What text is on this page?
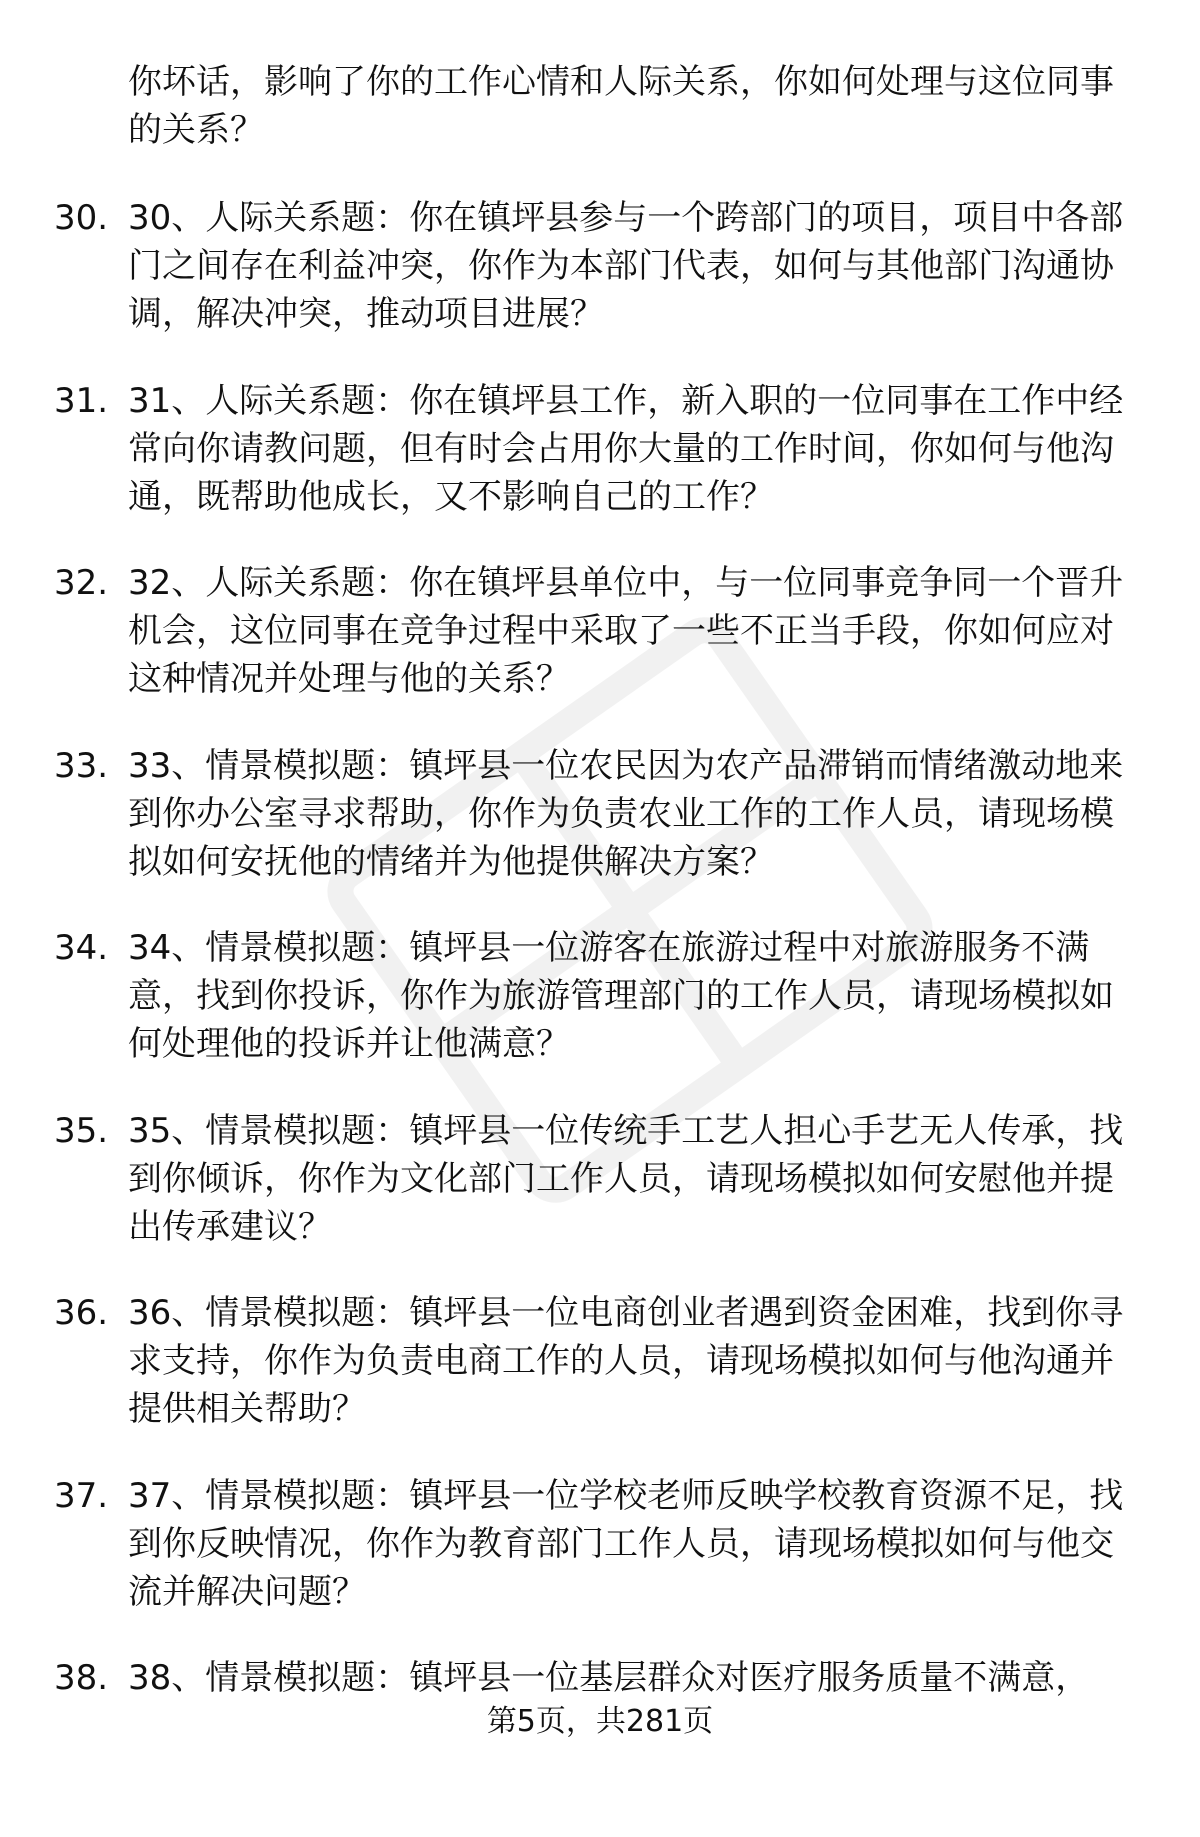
你坏话，影响了你的工作心情和人际关系，你如何处理与这位同事的关系？
30. 30、人际关系题：你在镇坪县参与一个跨部门的项目，项目中各部门之间存在利益冲突，你作为本部门代表，如何与其他部门沟通协调，解决冲突，推动项目进展？
31. 31、人际关系题：你在镇坪县工作，新入职的一位同事在工作中经常向你请教问题，但有时会占用你大量的工作时间，你如何与他沟通，既帮助他成长，又不影响自己的工作？
32. 32、人际关系题：你在镇坪县单位中，与一位同事竞争同一个晋升机会，这位同事在竞争过程中采取了一些不正当手段，你如何应对这种情况并处理与他的关系？
33. 33、情景模拟题：镇坪县一位农民因为农产品滞销而情绪激动地来到你办公室寻求帮助，你作为负责农业工作的工作人员，请现场模拟如何安抚他的情绪并为他提供解决方案？
34. 34、情景模拟题：镇坪县一位游客在旅游过程中对旅游服务不满意，找到你投诉，你作为旅游管理部门的工作人员，请现场模拟如何处理他的投诉并让他满意？
35. 35、情景模拟题：镇坪县一位传统手工艺人担心手艺无人传承，找到你倾诉，你作为文化部门工作人员，请现场模拟如何安慰他并提出传承建议？
36. 36、情景模拟题：镇坪县一位电商创业者遇到资金困难，找到你寻求支持，你作为负责电商工作的人员，请现场模拟如何与他沟通并提供相关帮助？
37. 37、情景模拟题：镇坪县一位学校老师反映学校教育资源不足，找到你反映情况，你作为教育部门工作人员，请现场模拟如何与他交流并解决问题？
38. 38、情景模拟题：镇坪县一位基层群众对医疗服务质量不满意，
第5页，共281页
